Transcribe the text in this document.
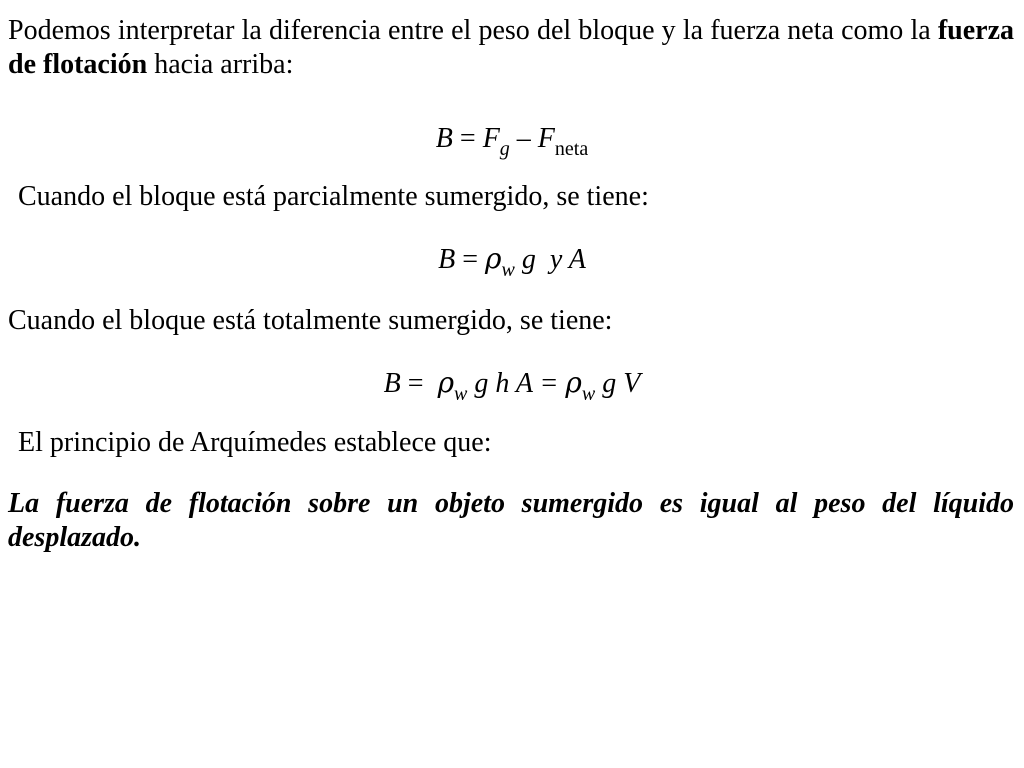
Podemos interpretar la diferencia entre el peso del bloque y la fuerza neta como la fuerza de flotación hacia arriba:

$B = F_g - F_{neta}$

Cuando el bloque está parcialmente sumergido, se tiene:

$B = \rho_w$ g  y A

Cuando el bloque está totalmente sumergido, se tiene:

$B = \rho_w$ g h $A = \rho_w$ g V

El principio de Arquímedes establece que:

La fuerza de flotación sobre un objeto sumergido es igual al peso del líquido desplazado.
